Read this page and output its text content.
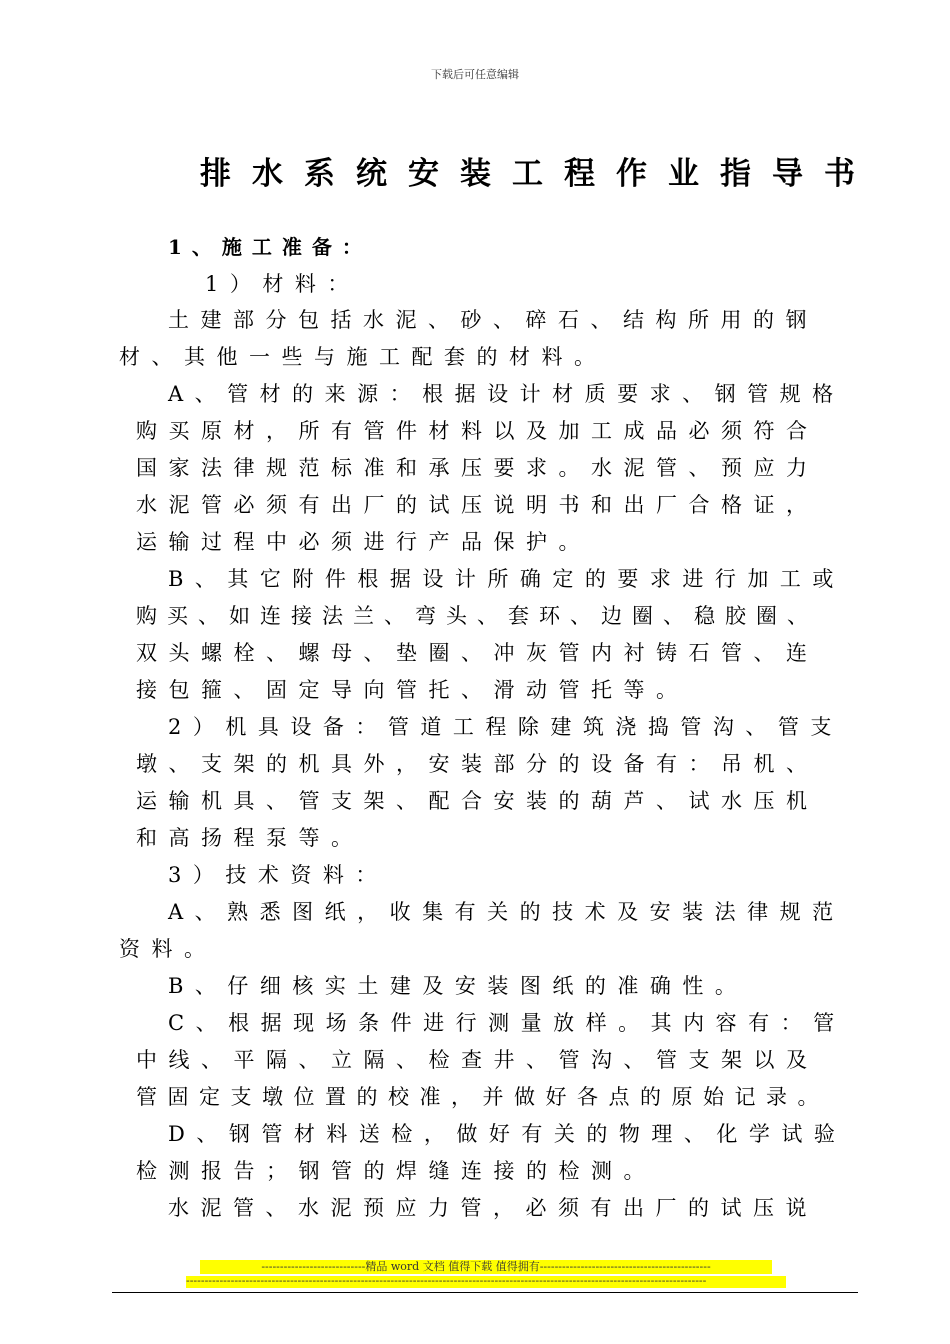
下载后可任意编辑
排水系统安装工程作业指导书
1、施工准备：
1）材料：
土建部分包括水泥、砂、碎石、结构所用的钢
材、其他一些与施工配套的材料。
A、管材的来源：根据设计材质要求、钢管规格
购买原材，所有管件材料以及加工成品必须符合
国家法律规范标准和承压要求。水泥管、预应力
水泥管必须有出厂的试压说明书和出厂合格证，
运输过程中必须进行产品保护。
B、其它附件根据设计所确定的要求进行加工或
购买、如连接法兰、弯头、套环、边圈、稳胶圈、
双头螺栓、螺母、垫圈、冲灰管内衬铸石管、连
接包箍、固定导向管托、滑动管托等。
2）机具设备：管道工程除建筑浇捣管沟、管支
墩、支架的机具外，安装部分的设备有：吊机、
运输机具、管支架、配合安装的葫芦、试水压机
和高扬程泵等。
3）技术资料：
A、熟悉图纸，收集有关的技术及安装法律规范
资料。
B、仔细核实土建及安装图纸的准确性。
C、根据现场条件进行测量放样。其内容有：管
中线、平隔、立隔、检查井、管沟、管支架以及
管固定支墩位置的校准，并做好各点的原始记录。
D、钢管材料送检，做好有关的物理、化学试验
检测报告；钢管的焊缝连接的检测。
水泥管、水泥预应力管，必须有出厂的试压说
----------------------------精品 word 文档 值得下载 值得拥有----------------------------------------------
--------------------------------------------------------------------------------------------------------------------------------------------
